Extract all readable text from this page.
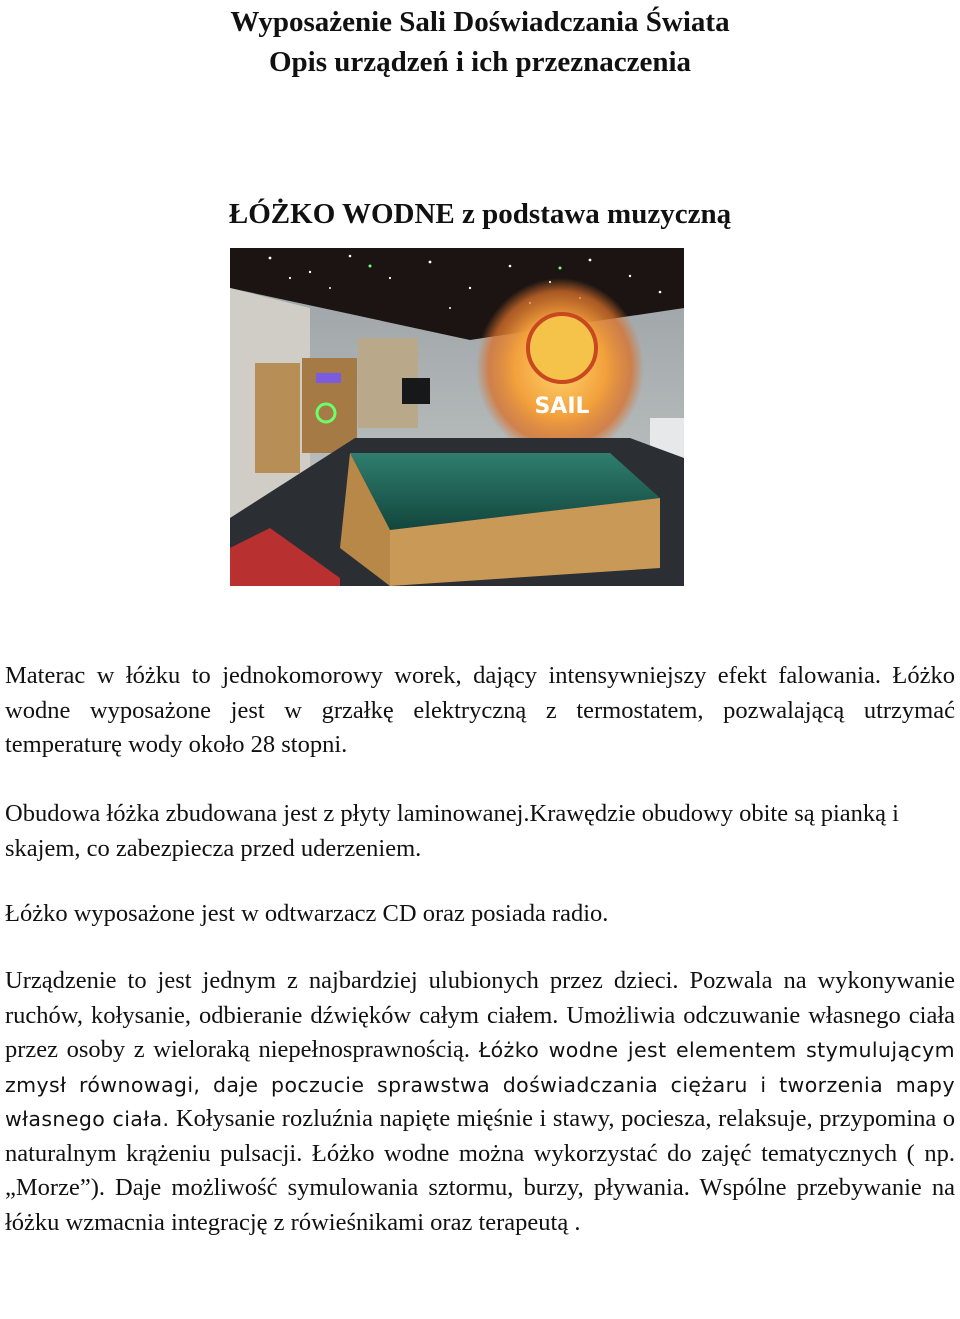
Wyposażenie Sali Doświadczania Świata
Opis urządzeń i ich przeznaczenia
ŁÓŻKO WODNE z podstawa muzyczną
SAIL

Materac w łóżku to jednokomorowy worek, dający intensywniejszy efekt falowania. Łóżko wodne wyposażone jest w grzałkę elektryczną z termostatem, pozwalającą utrzymać temperaturę wody około 28 stopni.

Obudowa łóżka zbudowana jest z płyty laminowanej.Krawędzie obudowy obite są pianką i skajem, co zabezpiecza przed uderzeniem.

Łóżko wyposażone jest w odtwarzacz CD oraz posiada radio.

Urządzenie to jest jednym z najbardziej ulubionych przez dzieci. Pozwala na wykonywanie ruchów, kołysanie, odbieranie dźwięków całym ciałem. Umożliwia odczuwanie własnego ciała przez osoby z wieloraką niepełnosprawnością. Łóżko wodne jest elementem stymulującym zmysł równowagi, daje poczucie sprawstwa doświadczania ciężaru i tworzenia mapy własnego ciała. Kołysanie rozluźnia napięte mięśnie i stawy, pociesza, relaksuje, przypomina o naturalnym krążeniu pulsacji. Łóżko wodne można wykorzystać do zajęć tematycznych ( np. „Morze”). Daje możliwość symulowania sztormu, burzy, pływania. Wspólne przebywanie na łóżku wzmacnia integrację z rówieśnikami oraz terapeutą .
